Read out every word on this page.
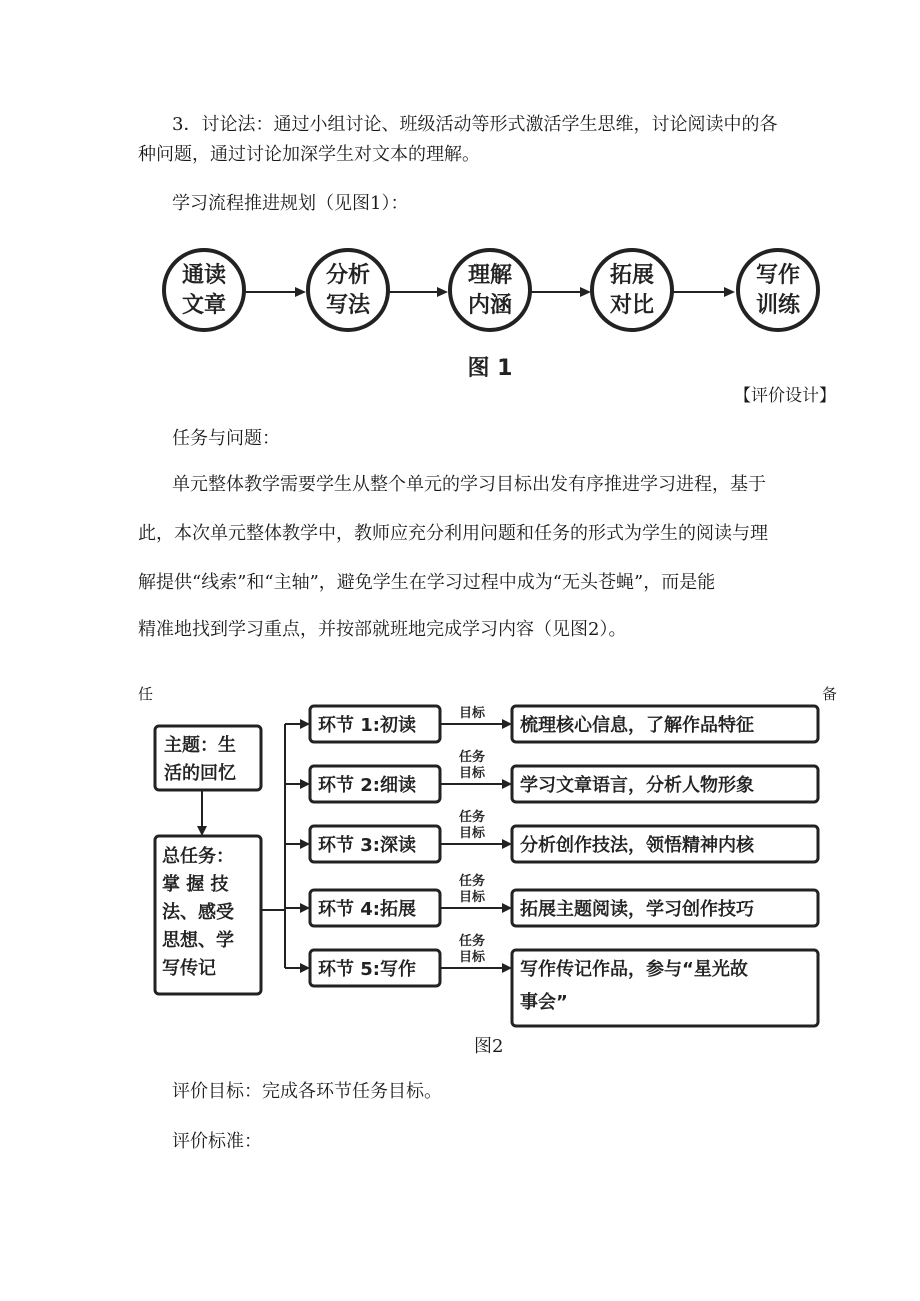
3．讨论法：通过小组讨论、班级活动等形式激活学生思维，讨论阅读中的各
种问题，通过讨论加深学生对文本的理解。
学习流程推进规划（见图1）：
通读
文章
分析
写法
理解
内涵
拓展
对比
写作
训练
图 1
【评价设计】
任务与问题：
单元整体教学需要学生从整个单元的学习目标出发有序推进学习进程，基于
此，本次单元整体教学中，教师应充分利用问题和任务的形式为学生的阅读与理
解提供“线索”和“主轴”，避免学生在学习过程中成为“无头苍蝇”，而是能
精准地找到学习重点，并按部就班地完成学习内容（见图2）。
任	备
主题：生
活的回忆
总任务：
掌 握 技
法、感受
思想、学
写传记
环节 1:初读
目标
梳理核心信息，了解作品特征
环节 2:细读
任务
目标
学习文章语言，分析人物形象
环节 3:深读
任务
目标
分析创作技法，领悟精神内核
环节 4:拓展
任务
目标
拓展主题阅读，学习创作技巧
环节 5:写作
任务
目标
写作传记作品，参与“星光故
事会”
图2
评价目标：完成各环节任务目标。
评价标准：
